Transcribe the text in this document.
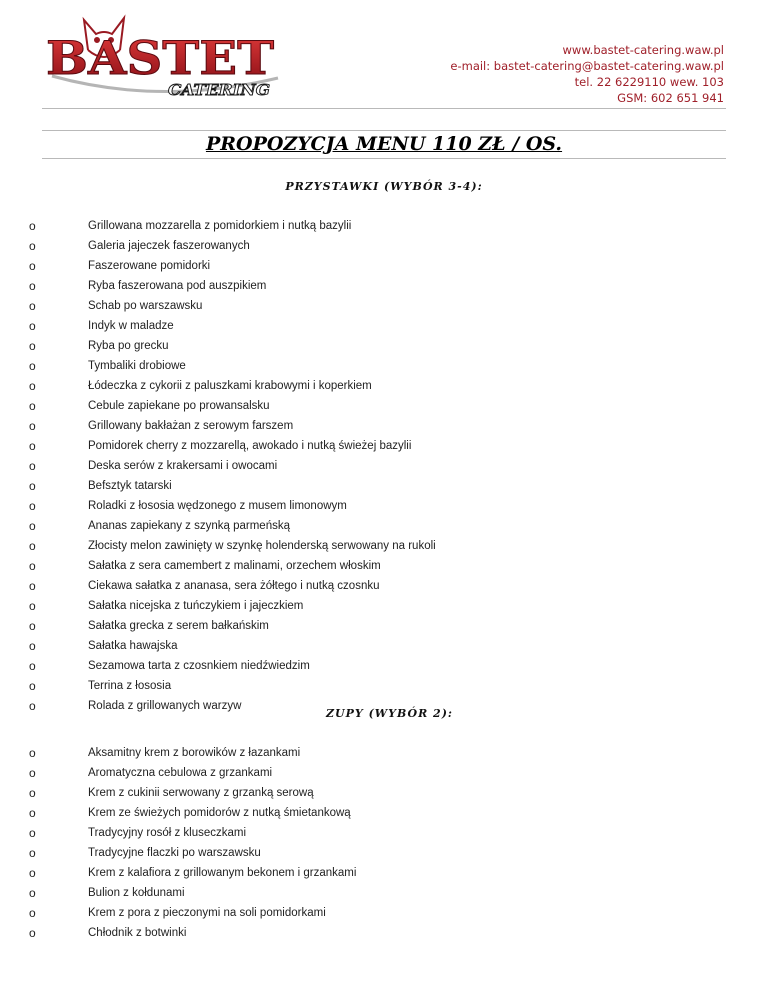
BASTET
CATERING
www.bastet-catering.waw.pl
e-mail: bastet-catering@bastet-catering.waw.pl
tel. 22 6229110 wew. 103
GSM: 602 651 941
PROPOZYCJA MENU 110 ZŁ / OS.
PRZYSTAWKI (WYBÓR 3-4):
o	Grillowana mozzarella z pomidorkiem i nutką bazylii
o	Galeria jajeczek faszerowanych
o	Faszerowane pomidorki
o	Ryba faszerowana pod auszpikiem
o	Schab po warszawsku
o	Indyk w maladze
o	Ryba po grecku
o	Tymbaliki drobiowe
o	Łódeczka z cykorii z paluszkami krabowymi i koperkiem
o	Cebule zapiekane po prowansalsku
o	Grillowany bakłażan z serowym farszem
o	Pomidorek cherry z mozzarellą, awokado i nutką świeżej bazylii
o	Deska serów z krakersami i owocami
o	Befsztyk tatarski
o	Roladki z łososia wędzonego z musem limonowym
o	Ananas zapiekany z szynką parmeńską
o	Złocisty melon zawinięty w szynkę holenderską serwowany na rukoli
o	Sałatka z sera camembert z malinami, orzechem włoskim
o	Ciekawa sałatka z ananasa, sera żółtego i nutką czosnku
o	Sałatka nicejska z tuńczykiem i jajeczkiem
o	Sałatka grecka z serem bałkańskim
o	Sałatka hawajska
o	Sezamowa tarta z czosnkiem niedźwiedzim
o	Terrina z łososia
o	Rolada z grillowanych warzyw
ZUPY (WYBÓR 2):
o	Aksamitny krem z borowików z łazankami
o	Aromatyczna cebulowa z grzankami
o	Krem z cukinii serwowany z grzanką serową
o	Krem ze świeżych pomidorów z nutką śmietankową
o	Tradycyjny rosół z kluseczkami
o	Tradycyjne flaczki po warszawsku
o	Krem z kalafiora z grillowanym bekonem i grzankami
o	Bulion z kołdunami
o	Krem z pora z pieczonymi na soli pomidorkami
o	Chłodnik z botwinki
